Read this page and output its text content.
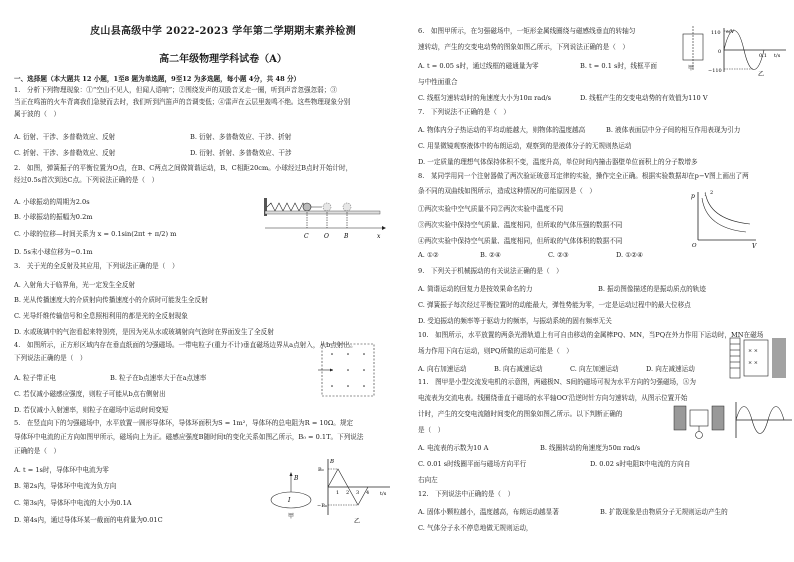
皮山县高级中学 2022-2023 学年第二学期期末素养检测
高二年级物理学科试卷（A）
一、选择题（本大题共 12 小题，1至8 题为单选题，9至12 为多选题，每小题 4分，共 48 分）
1.　分析下列物理现象：①“空山不见人，但闻人语响”；②围绕发声的双股音叉走一圈，听到声音忽强忽弱；③
当正在鸣笛的火车背离我们急驶而去时，我们听到汽笛声的音调变低；④雷声在云层里轰鸣不绝。这些物理现象分别
属于波的（　）
A. 衍射、干涉、多普勒效应、反射	B. 衍射、多普勒效应、干涉、折射
C. 折射、干涉、多普勒效应、反射	D. 衍射、折射、多普勒效应、干涉
2.　如图，弹簧振子的平衡位置为O点，在B、C两点之间做简谐运动，B、C相距20cm。小球经过B点时开始计时，
经过0.5s首次到达C点。下列说法正确的是（　）
A. 小球振动的周期为2.0s
B. 小球振动的振幅为0.2m
C. 小球的位移—时间关系为 x = 0.1sin(2πt + π/2) m
D. 5s末小球位移为−0.1m
C	O	B	x
3.　关于光的全反射及其应用，下列说法正确的是（　）
A. 入射角大于临界角，光一定发生全反射
B. 光从传播速度大的介质射向传播速度小的介质时可能发生全反射
C. 光导纤维传输信号和全息照相利用的都是光的全反射现象
D. 水或玻璃中的气泡看起来特别亮，是因为光从水或玻璃射向气泡时在界面发生了全反射
4.　如图所示，正方形区域内存在垂直纸面的匀强磁场。一带电粒子(重力不计)垂直磁场边界从a点射入，从b点射出。
下列说法正确的是（　）
A. 粒子带正电	B. 粒子在b点速率大于在a点速率
C. 若仅减小磁感应强度，则粒子可能从b点右侧射出
D. 若仅减小入射速率，则粒子在磁场中运动时间变短
5.　在竖直向下的匀强磁场中，水平放置一圆形导体环，导体环面积为S = 1m²，导体环的总电阻为R = 10Ω。规定
导体环中电流的正方向如图甲所示，磁场向上为正。磁感应强度B随时间t的变化关系如图乙所示，B₀ = 0.1T。下列说法
正确的是（　）
A. t = 1s时，导体环中电流为零
B. 第2s内，导体环中电流为负方向
C. 第3s内，导体环中电流的大小为0.1A
D. 第4s内，通过导体环某一截面的电荷量为0.01C
B
I
甲
B
B₀
−B₀
t/s
1 2 3 4
乙
6.　如图甲所示，在匀强磁场中，一矩形金属线圈绕与磁感线垂直的转轴匀
速转动，产生的交变电动势的图象如图乙所示，下列说法正确的是（　）
A. t = 0.05 s时，通过线框的磁通量为零	B. t = 0.1 s时，线框平面
与中性面重合
C. 线框匀速转动时的角速度大小为10π rad/s	D. 线框产生的交变电动势的有效值为110 V
甲
e/V
110
0
−110
0.1 t/s
乙
7.　下列说法不正确的是（　）
A. 物体内分子热运动的平均动能越大，则物体的温度越高	B. 液体表面层中分子间的相互作用表现为引力
C. 用显微镜观察液体中的布朗运动，观察到的是液体分子的无规则热运动
D. 一定质量的理想气体保持体积不变，温度升高，单位时间内撞击器壁单位面积上的分子数增多
8.　某同学用同一个注射器做了两次验证玻意耳定律的实验，操作完全正确。根据实验数据却在p−V图上画出了两
条不同的双曲线如图所示，造成这种情况的可能原因是（　）
①两次实验中空气质量不同②两次实验中温度不同
③两次实验中保持空气质量、温度相同，但所取的气体压强的数据不同
④两次实验中保持空气质量、温度相同，但所取的气体体积的数据不同
A. ①②	B. ②④	C. ②③	D. ①②④
p 1 2
O	V
9.　下列关于机械振动的有关说法正确的是（　）
A. 简谐运动的回复力是按效果命名的力	B. 振动图像描述的是振动质点的轨迹
C. 弹簧振子每次经过平衡位置时的动能最大，弹性势能为零，一定是运动过程中的最大位移点
D. 受迫振动的频率等于驱动力的频率，与振动系统的固有频率无关
10.　如图所示，水平放置的两条光滑轨道上有可自由移动的金属棒PQ、MN，当PQ在外力作用下运动时，MN在磁场
场力作用下向右运动，则PQ所做的运动可能是（　）
A. 向右加速运动	B. 向右减速运动	C. 向左加速运动	D. 向左减速运动
× ×
× ×
11.　图甲是小型交流发电机的示意图，两磁极N、S间的磁场可视为水平方向的匀强磁场，Ⓐ为
电流表为交流电表。线圈绕垂直于磁场的水平轴OO′沿逆时针方向匀速转动，从图示位置开始
计时，产生的交变电流随时间变化的图象如图乙所示。以下判断正确的
是（　）
A. 电流表的示数为10 A	B. 线圈转动的角速度为50π rad/s
C. 0.01 s时线圈平面与磁场方向平行	D. 0.02 s时电阻R中电流的方向自
右向左
12.　下列说法中正确的是（　）
A. 固体小颗粒越小，温度越高，布朗运动越显著	B. 扩散现象是由物质分子无规则运动产生的
C. 气体分子永不停息地做无规则运动，
